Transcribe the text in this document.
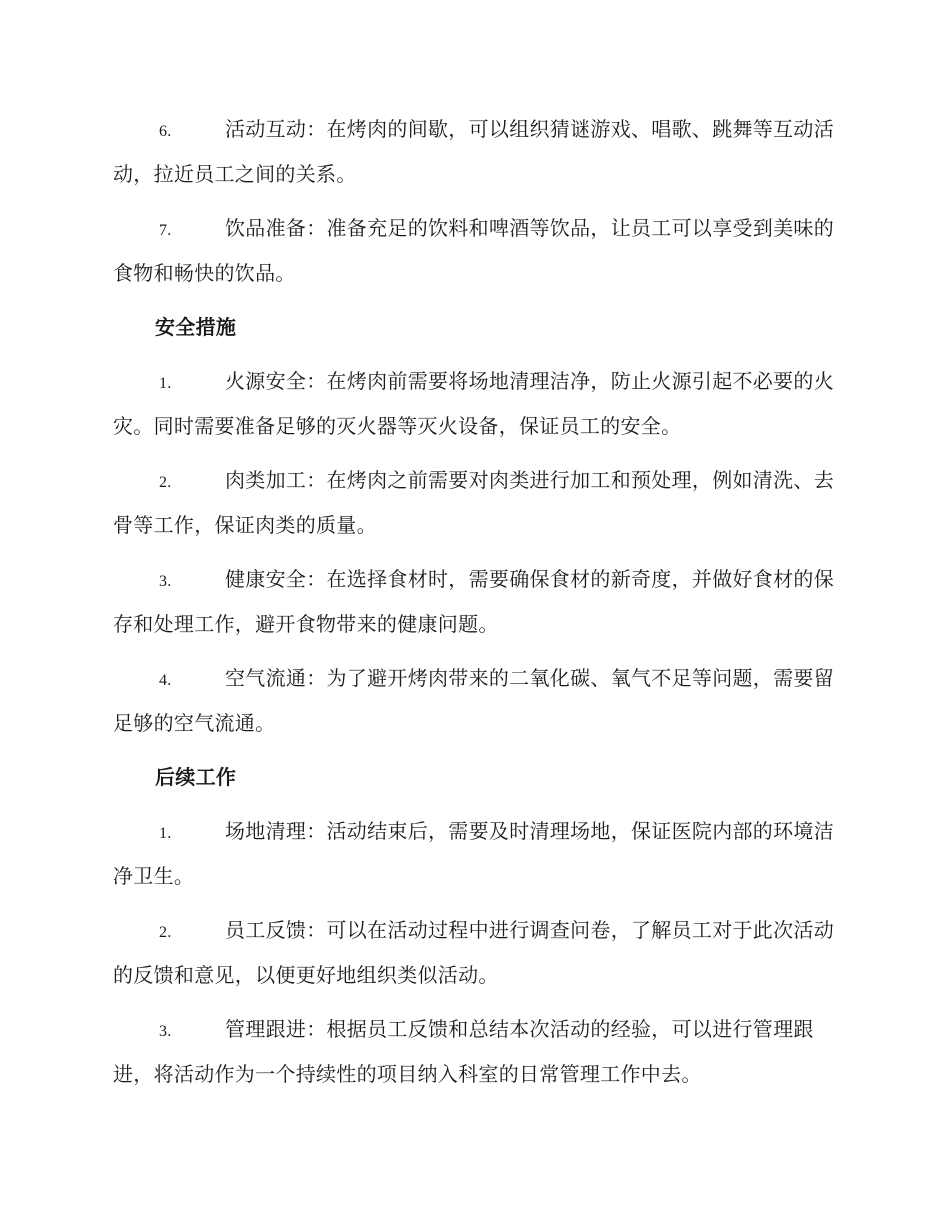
6.	活动互动：在烤肉的间歇，可以组织猜谜游戏、唱歌、跳舞等互动活动，拉近员工之间的关系。
7.	饮品准备：准备充足的饮料和啤酒等饮品，让员工可以享受到美味的食物和畅快的饮品。
安全措施
1.	火源安全：在烤肉前需要将场地清理洁净，防止火源引起不必要的火灾。同时需要准备足够的灭火器等灭火设备，保证员工的安全。
2.	肉类加工：在烤肉之前需要对肉类进行加工和预处理，例如清洗、去骨等工作，保证肉类的质量。
3.	健康安全：在选择食材时，需要确保食材的新奇度，并做好食材的保存和处理工作，避开食物带来的健康问题。
4.	空气流通：为了避开烤肉带来的二氧化碳、氧气不足等问题，需要留足够的空气流通。
后续工作
1.	场地清理：活动结束后，需要及时清理场地，保证医院内部的环境洁净卫生。
2.	员工反馈：可以在活动过程中进行调查问卷，了解员工对于此次活动的反馈和意见，以便更好地组织类似活动。
3.	管理跟进：根据员工反馈和总结本次活动的经验，可以进行管理跟进，将活动作为一个持续性的项目纳入科室的日常管理工作中去。
